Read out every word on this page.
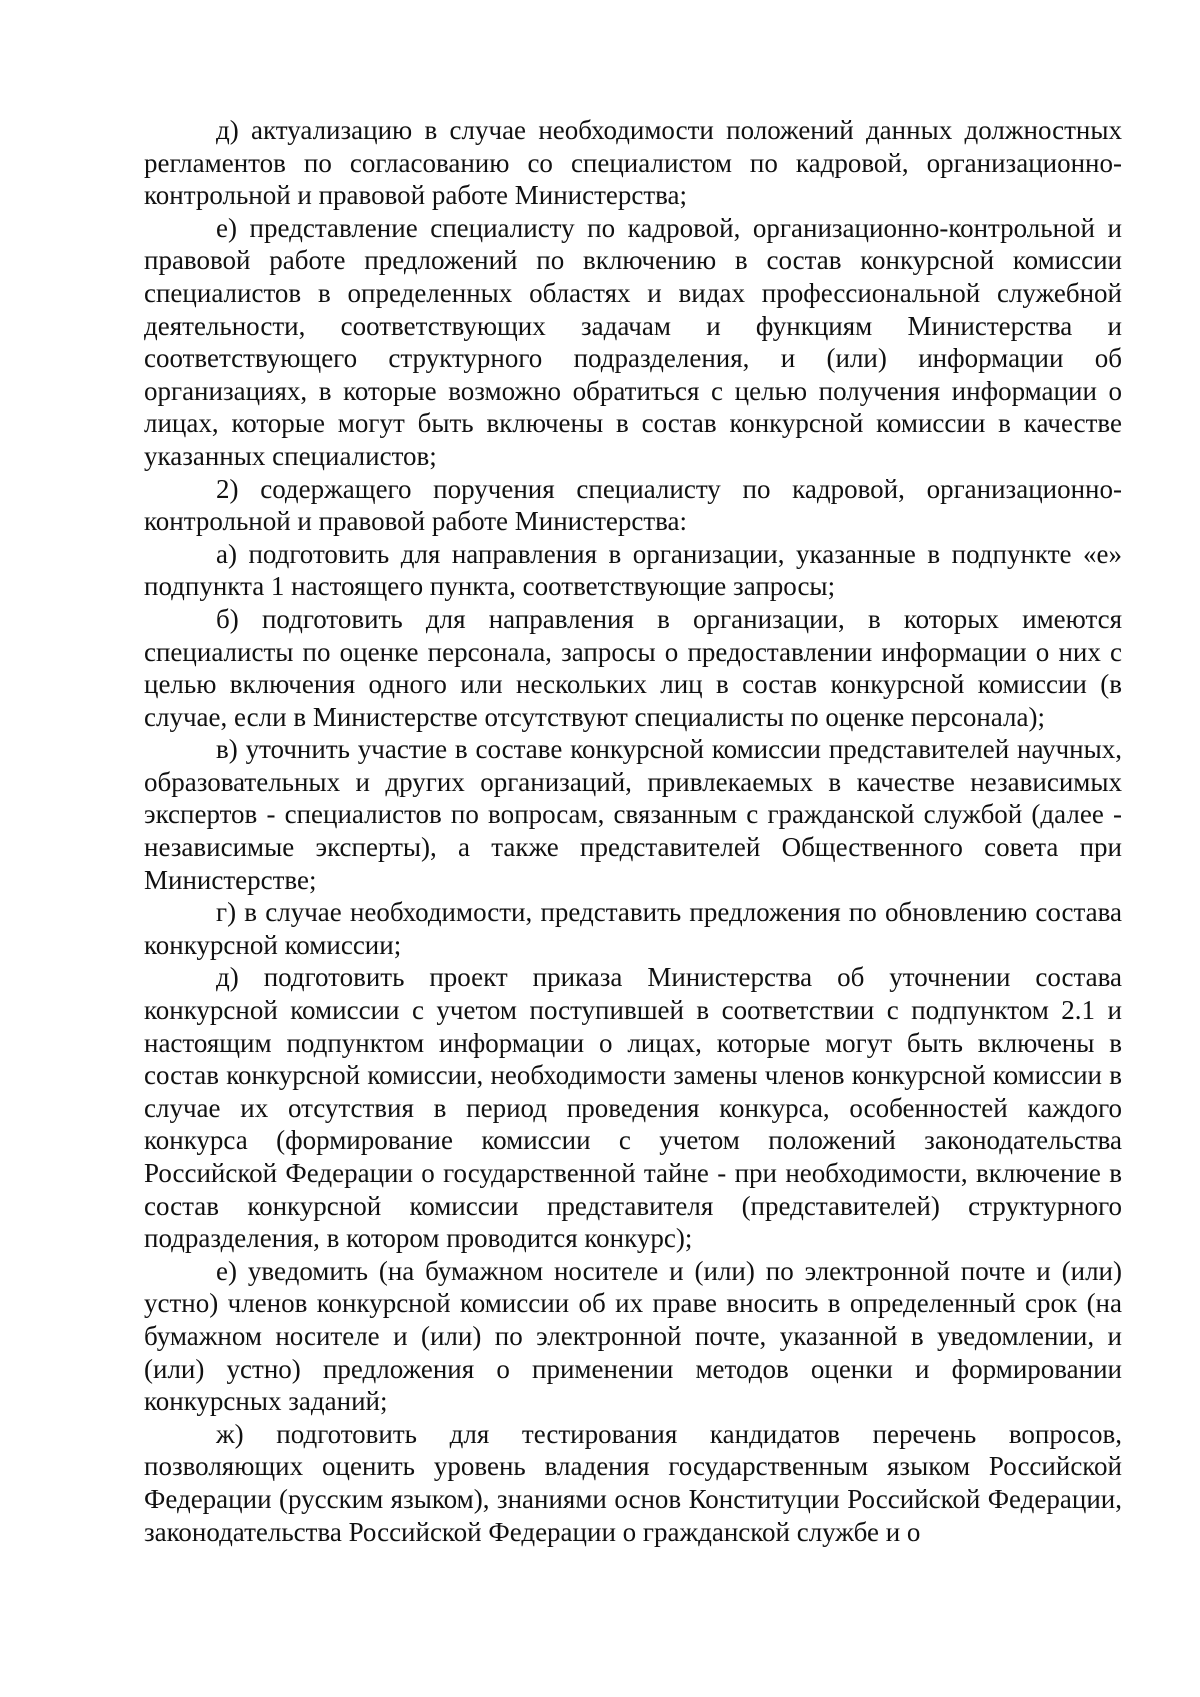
д) актуализацию в случае необходимости положений данных должностных регламентов по согласованию со специалистом по кадровой, организационно-контрольной и правовой работе Министерства;

е) представление специалисту по кадровой, организационно-контрольной и правовой работе предложений по включению в состав конкурсной комиссии специалистов в определенных областях и видах профессиональной служебной деятельности, соответствующих задачам и функциям Министерства и соответствующего структурного подразделения, и (или) информации об организациях, в которые возможно обратиться с целью получения информации о лицах, которые могут быть включены в состав конкурсной комиссии в качестве указанных специалистов;

2) содержащего поручения специалисту по кадровой, организационно-контрольной и правовой работе Министерства:

а) подготовить для направления в организации, указанные в подпункте «е» подпункта 1 настоящего пункта, соответствующие запросы;

б) подготовить для направления в организации, в которых имеются специалисты по оценке персонала, запросы о предоставлении информации о них с целью включения одного или нескольких лиц в состав конкурсной комиссии (в случае, если в Министерстве отсутствуют специалисты по оценке персонала);

в) уточнить участие в составе конкурсной комиссии представителей научных, образовательных и других организаций, привлекаемых в качестве независимых экспертов - специалистов по вопросам, связанным с гражданской службой (далее - независимые эксперты), а также представителей Общественного совета при Министерстве;

г) в случае необходимости, представить предложения по обновлению состава конкурсной комиссии;

д) подготовить проект приказа Министерства об уточнении состава конкурсной комиссии с учетом поступившей в соответствии с подпунктом 2.1 и настоящим подпунктом информации о лицах, которые могут быть включены в состав конкурсной комиссии, необходимости замены членов конкурсной комиссии в случае их отсутствия в период проведения конкурса, особенностей каждого конкурса (формирование комиссии с учетом положений законодательства Российской Федерации о государственной тайне - при необходимости, включение в состав конкурсной комиссии представителя (представителей) структурного подразделения, в котором проводится конкурс);

е) уведомить (на бумажном носителе и (или) по электронной почте и (или) устно) членов конкурсной комиссии об их праве вносить в определенный срок (на бумажном носителе и (или) по электронной почте, указанной в уведомлении, и (или) устно) предложения о применении методов оценки и формировании конкурсных заданий;

ж) подготовить для тестирования кандидатов перечень вопросов, позволяющих оценить уровень владения государственным языком Российской Федерации (русским языком), знаниями основ Конституции Российской Федерации, законодательства Российской Федерации о гражданской службе и о
